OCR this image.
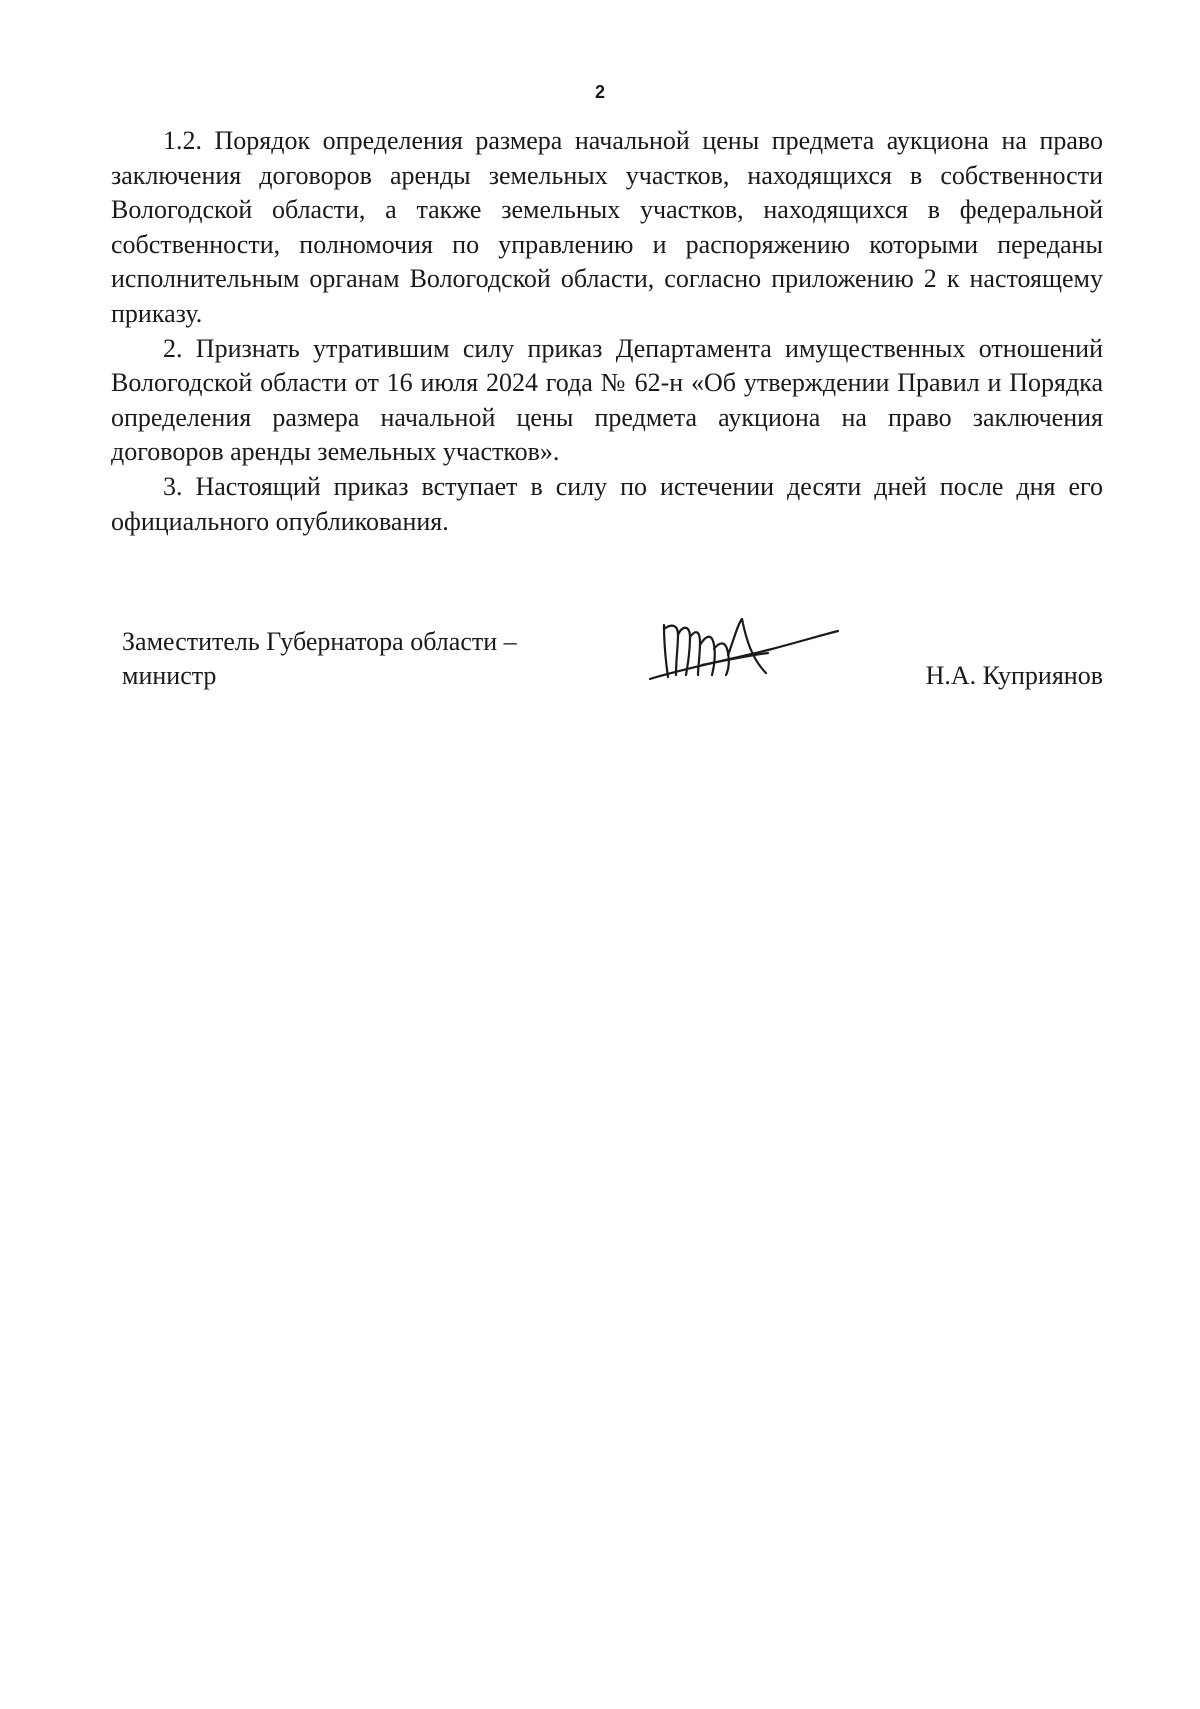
2

1.2. Порядок определения размера начальной цены предмета аукциона на право заключения договоров аренды земельных участков, находящихся в собственности Вологодской области, а также земельных участков, находящихся в федеральной собственности, полномочия по управлению и распоряжению которыми переданы исполнительным органам Вологодской области, согласно приложению 2 к настоящему приказу.

2. Признать утратившим силу приказ Департамента имущественных отношений Вологодской области от 16 июля 2024 года № 62-н «Об утверждении Правил и Порядка определения размера начальной цены предмета аукциона на право заключения договоров аренды земельных участков».

3. Настоящий приказ вступает в силу по истечении десяти дней после дня его официального опубликования.

Заместитель Губернатора области –
министр	Н.А. Куприянов
